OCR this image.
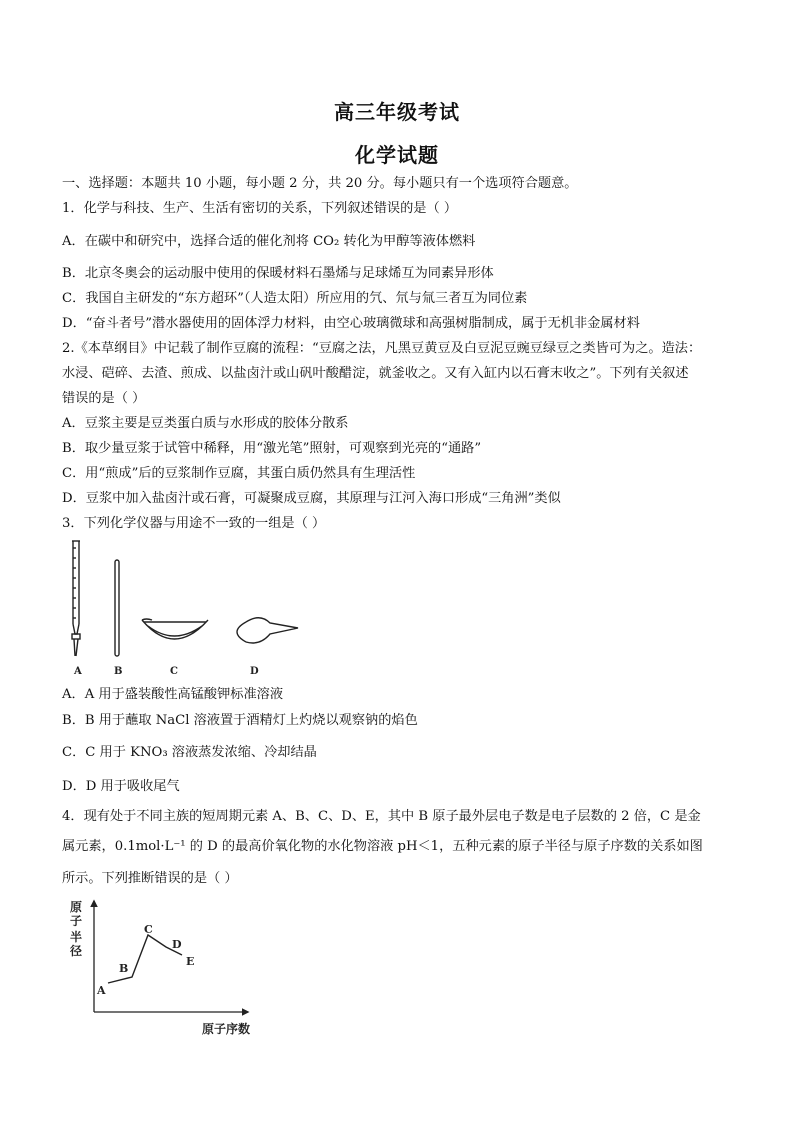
高三年级考试
化学试题
一、选择题：本题共 10 小题，每小题 2 分，共 20 分。每小题只有一个选项符合题意。
1．化学与科技、生产、生活有密切的关系，下列叙述错误的是（ ）
A．在碳中和研究中，选择合适的催化剂将 CO₂ 转化为甲醇等液体燃料
B．北京冬奥会的运动服中使用的保暖材料石墨烯与足球烯互为同素异形体
C．我国自主研发的“东方超环”（人造太阳）所应用的氕、氘与氚三者互为同位素
D．“奋斗者号”潜水器使用的固体浮力材料，由空心玻璃微球和高强树脂制成，属于无机非金属材料
2.《本草纲目》中记载了制作豆腐的流程：“豆腐之法，凡黑豆黄豆及白豆泥豆豌豆绿豆之类皆可为之。造法：
水浸、硙碎、去渣、煎成、以盐卤汁或山矾叶酸醋淀，就釜收之。又有入缸内以石膏末收之”。下列有关叙述
错误的是（ ）
A．豆浆主要是豆类蛋白质与水形成的胶体分散系
B．取少量豆浆于试管中稀释，用“激光笔”照射，可观察到光亮的“通路”
C．用“煎成”后的豆浆制作豆腐，其蛋白质仍然具有生理活性
D．豆浆中加入盐卤汁或石膏，可凝聚成豆腐，其原理与江河入海口形成“三角洲”类似
3．下列化学仪器与用途不一致的一组是（ ）
A	B	C	D
A．A 用于盛装酸性高锰酸钾标准溶液
B．B 用于蘸取 NaCl 溶液置于酒精灯上灼烧以观察钠的焰色
C．C 用于 KNO₃ 溶液蒸发浓缩、冷却结晶
D．D 用于吸收尾气
4．现有处于不同主族的短周期元素 A、B、C、D、E，其中 B 原子最外层电子数是电子层数的 2 倍，C 是金
属元素，0.1mol·L⁻¹ 的 D 的最高价氧化物的水化物溶液 pH＜1，五种元素的原子半径与原子序数的关系如图
所示。下列推断错误的是（ ）
原
子
半
径
A
B
C
D
E
原子序数
